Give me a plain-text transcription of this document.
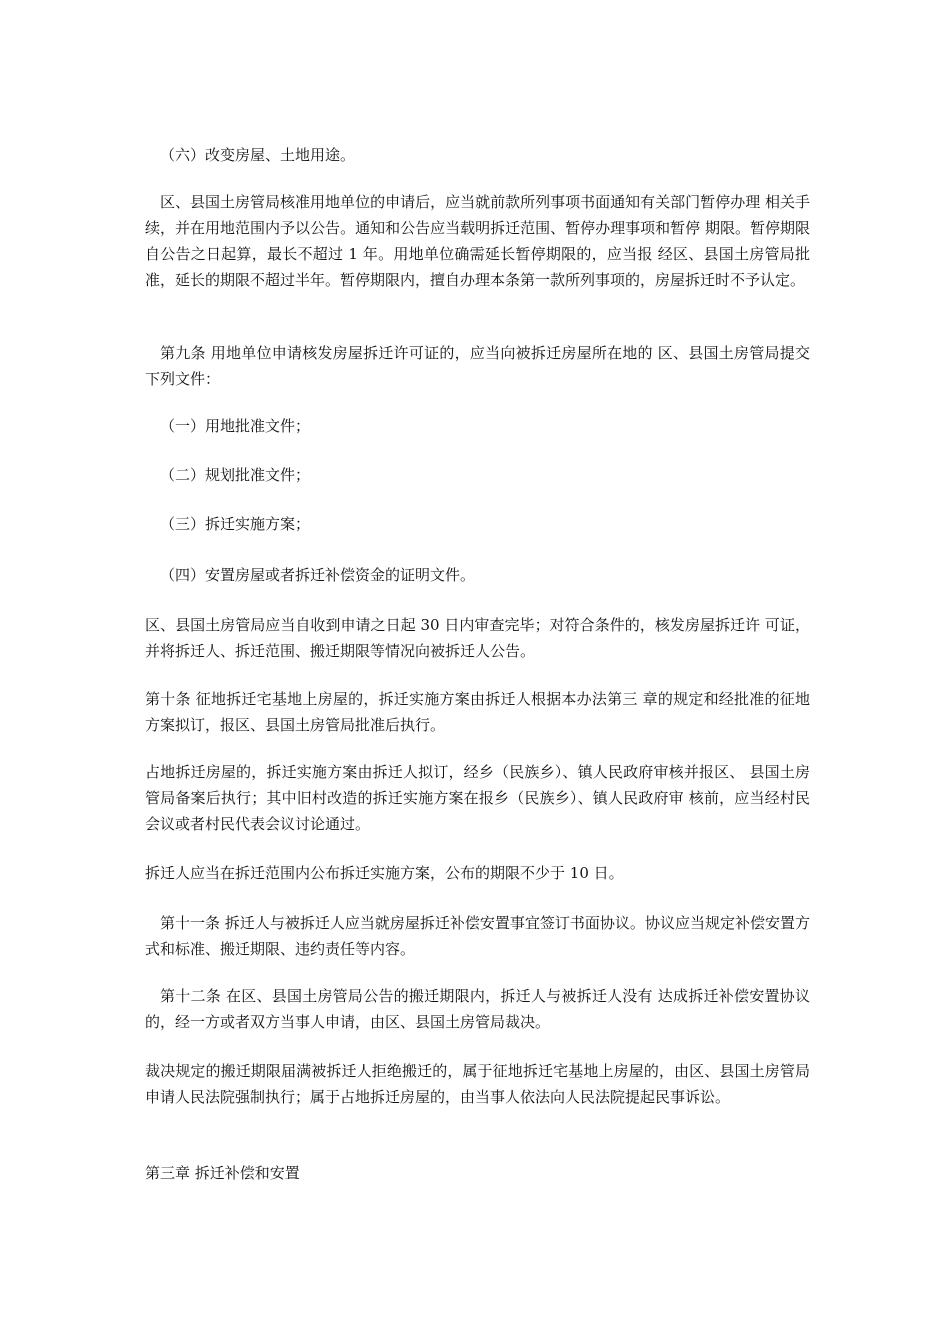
（六）改变房屋、土地用途。

区、县国土房管局核准用地单位的申请后，应当就前款所列事项书面通知有关部门暂停办理 相关手续，并在用地范围内予以公告。通知和公告应当载明拆迁范围、暂停办理事项和暂停 期限。暂停期限自公告之日起算，最长不超过 1 年。用地单位确需延长暂停期限的，应当报 经区、县国土房管局批准，延长的期限不超过半年。暂停期限内，擅自办理本条第一款所列事项的，房屋拆迁时不予认定。

第九条 用地单位申请核发房屋拆迁许可证的，应当向被拆迁房屋所在地的 区、县国土房管局提交下列文件：

（一）用地批准文件；

（二）规划批准文件；

（三）拆迁实施方案；

（四）安置房屋或者拆迁补偿资金的证明文件。

区、县国土房管局应当自收到申请之日起 30 日内审查完毕；对符合条件的，核发房屋拆迁许 可证，并将拆迁人、拆迁范围、搬迁期限等情况向被拆迁人公告。

第十条 征地拆迁宅基地上房屋的，拆迁实施方案由拆迁人根据本办法第三 章的规定和经批准的征地方案拟订，报区、县国土房管局批准后执行。

占地拆迁房屋的，拆迁实施方案由拆迁人拟订，经乡（民族乡）、镇人民政府审核并报区、 县国土房管局备案后执行；其中旧村改造的拆迁实施方案在报乡（民族乡）、镇人民政府审 核前，应当经村民会议或者村民代表会议讨论通过。

拆迁人应当在拆迁范围内公布拆迁实施方案，公布的期限不少于 10 日。

第十一条 拆迁人与被拆迁人应当就房屋拆迁补偿安置事宜签订书面协议。协议应当规定补偿安置方式和标准、搬迁期限、违约责任等内容。

第十二条 在区、县国土房管局公告的搬迁期限内，拆迁人与被拆迁人没有 达成拆迁补偿安置协议的，经一方或者双方当事人申请，由区、县国土房管局裁决。

裁决规定的搬迁期限届满被拆迁人拒绝搬迁的，属于征地拆迁宅基地上房屋的，由区、县国土房管局申请人民法院强制执行；属于占地拆迁房屋的，由当事人依法向人民法院提起民事诉讼。

第三章 拆迁补偿和安置
